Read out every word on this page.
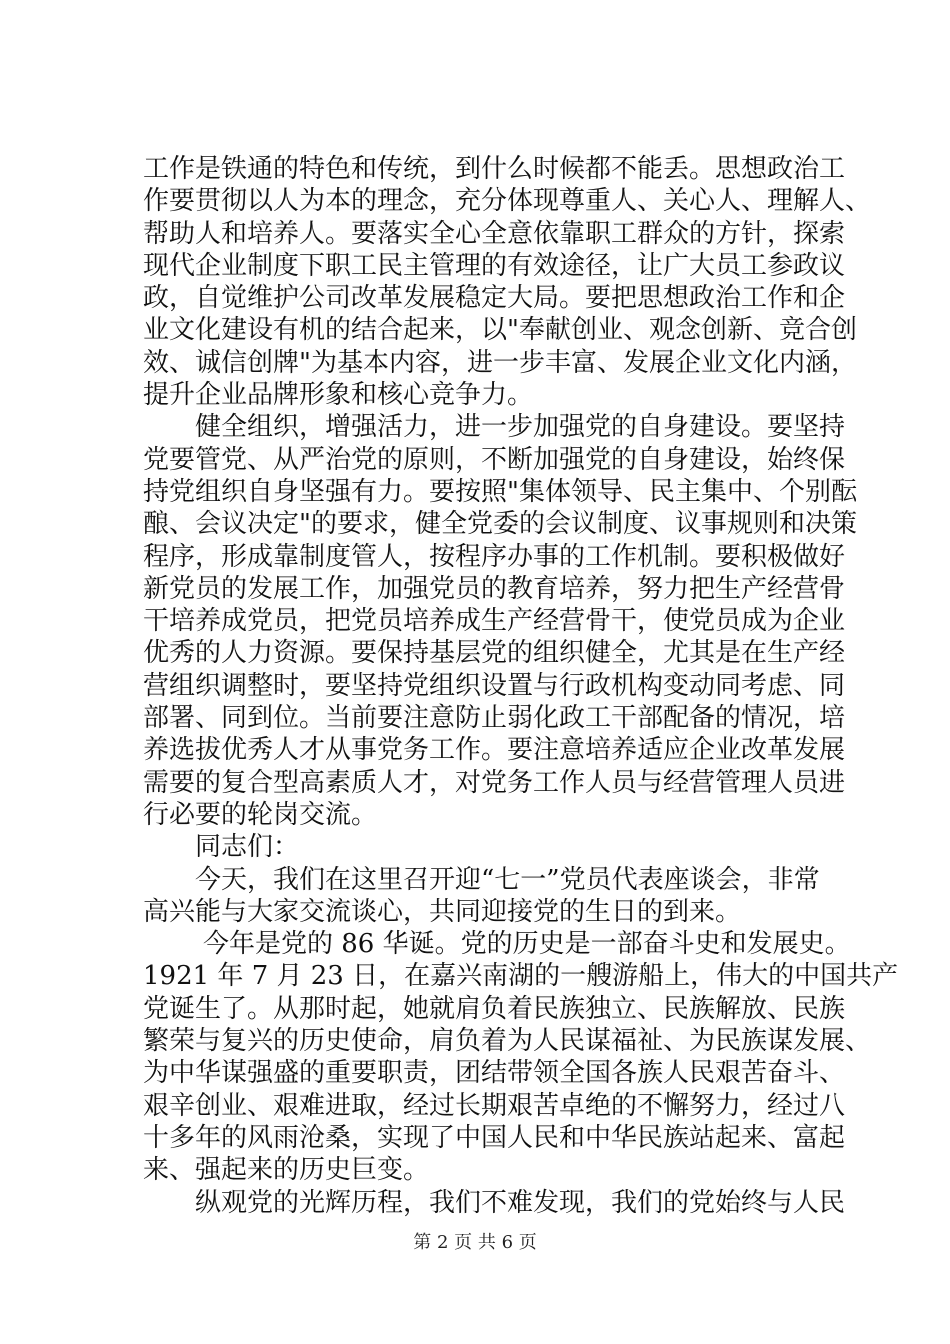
工作是铁通的特色和传统，到什么时候都不能丢。思想政治工
作要贯彻以人为本的理念，充分体现尊重人、关心人、理解人、
帮助人和培养人。要落实全心全意依靠职工群众的方针，探索
现代企业制度下职工民主管理的有效途径，让广大员工参政议
政，自觉维护公司改革发展稳定大局。要把思想政治工作和企
业文化建设有机的结合起来，以"奉献创业、观念创新、竞合创
效、诚信创牌"为基本内容，进一步丰富、发展企业文化内涵，
提升企业品牌形象和核心竞争力。
健全组织，增强活力，进一步加强党的自身建设。要坚持
党要管党、从严治党的原则，不断加强党的自身建设，始终保
持党组织自身坚强有力。要按照"集体领导、民主集中、个别酝
酿、会议决定"的要求，健全党委的会议制度、议事规则和决策
程序，形成靠制度管人，按程序办事的工作机制。要积极做好
新党员的发展工作，加强党员的教育培养，努力把生产经营骨
干培养成党员，把党员培养成生产经营骨干，使党员成为企业
优秀的人力资源。要保持基层党的组织健全，尤其是在生产经
营组织调整时，要坚持党组织设置与行政机构变动同考虑、同
部署、同到位。当前要注意防止弱化政工干部配备的情况，培
养选拔优秀人才从事党务工作。要注意培养适应企业改革发展
需要的复合型高素质人才，对党务工作人员与经营管理人员进
行必要的轮岗交流。
同志们：
今天，我们在这里召开迎“七一”党员代表座谈会，非常
高兴能与大家交流谈心，共同迎接党的生日的到来。
今年是党的 86 华诞。党的历史是一部奋斗史和发展史。
1921 年 7 月 23 日，在嘉兴南湖的一艘游船上，伟大的中国共产
党诞生了。从那时起，她就肩负着民族独立、民族解放、民族
繁荣与复兴的历史使命，肩负着为人民谋福祉、为民族谋发展、
为中华谋强盛的重要职责，团结带领全国各族人民艰苦奋斗、
艰辛创业、艰难进取，经过长期艰苦卓绝的不懈努力，经过八
十多年的风雨沧桑，实现了中国人民和中华民族站起来、富起
来、强起来的历史巨变。
纵观党的光辉历程，我们不难发现，我们的党始终与人民
第 2 页 共 6 页
